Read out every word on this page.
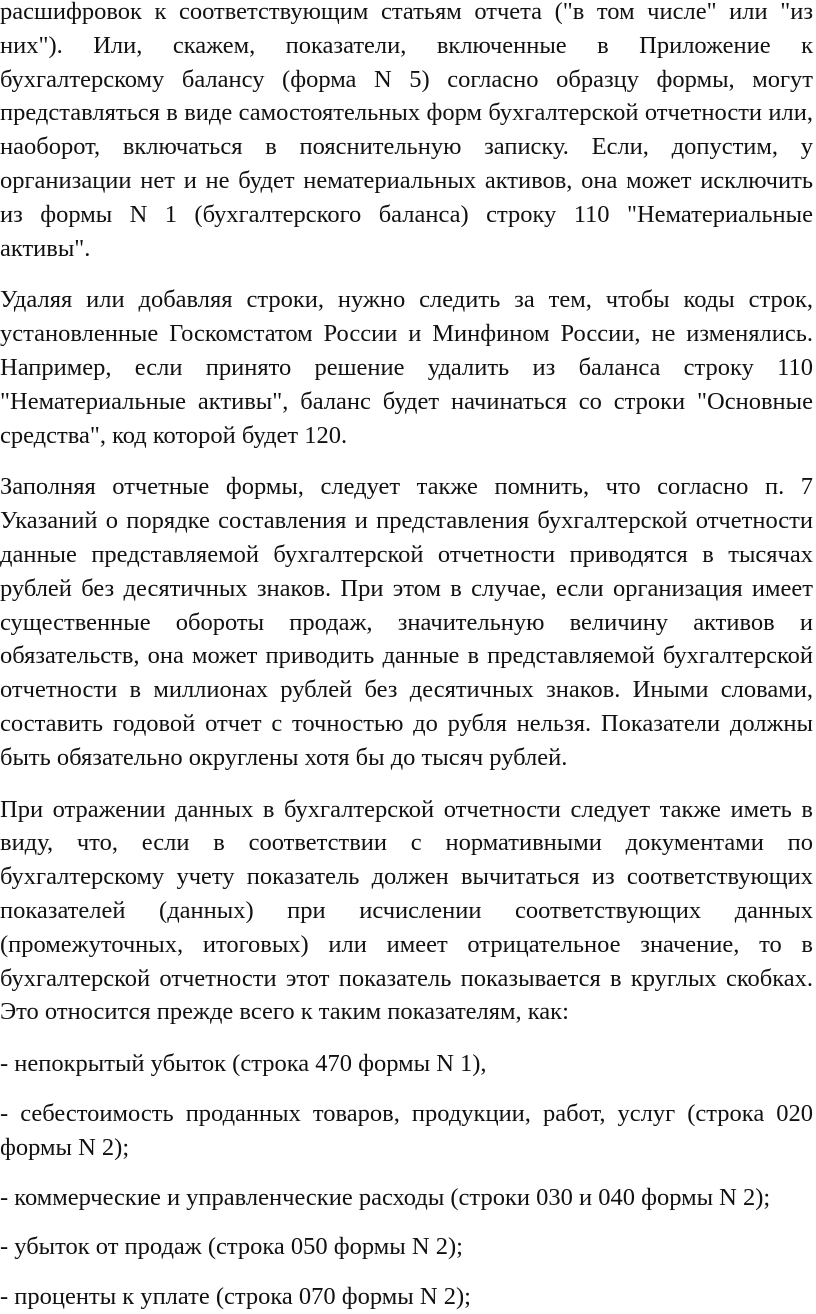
расшифровок к соответствующим статьям отчета ("в том числе" или "из них"). Или, скажем, показатели, включенные в Приложение к бухгалтерскому балансу (форма N 5) согласно образцу формы, могут представляться в виде самостоятельных форм бухгалтерской отчетности или, наоборот, включаться в пояснительную записку. Если, допустим, у организации нет и не будет нематериальных активов, она может исключить из формы N 1 (бухгалтерского баланса) строку 110 "Нематериальные активы".

Удаляя или добавляя строки, нужно следить за тем, чтобы коды строк, установленные Госкомстатом России и Минфином России, не изменялись. Например, если принято решение удалить из баланса строку 110 "Нематериальные активы", баланс будет начинаться со строки "Основные средства", код которой будет 120.

Заполняя отчетные формы, следует также помнить, что согласно п. 7 Указаний о порядке составления и представления бухгалтерской отчетности данные представляемой бухгалтерской отчетности приводятся в тысячах рублей без десятичных знаков. При этом в случае, если организация имеет существенные обороты продаж, значительную величину активов и обязательств, она может приводить данные в представляемой бухгалтерской отчетности в миллионах рублей без десятичных знаков. Иными словами, составить годовой отчет с точностью до рубля нельзя. Показатели должны быть обязательно округлены хотя бы до тысяч рублей.

При отражении данных в бухгалтерской отчетности следует также иметь в виду, что, если в соответствии с нормативными документами по бухгалтерскому учету показатель должен вычитаться из соответствующих показателей (данных) при исчислении соответствующих данных (промежуточных, итоговых) или имеет отрицательное значение, то в бухгалтерской отчетности этот показатель показывается в круглых скобках. Это относится прежде всего к таким показателям, как:

- непокрытый убыток (строка 470 формы N 1),

- себестоимость проданных товаров, продукции, работ, услуг (строка 020 формы N 2);

- коммерческие и управленческие расходы (строки 030 и 040 формы N 2);

- убыток от продаж (строка 050 формы N 2);

- проценты к уплате (строка 070 формы N 2);
